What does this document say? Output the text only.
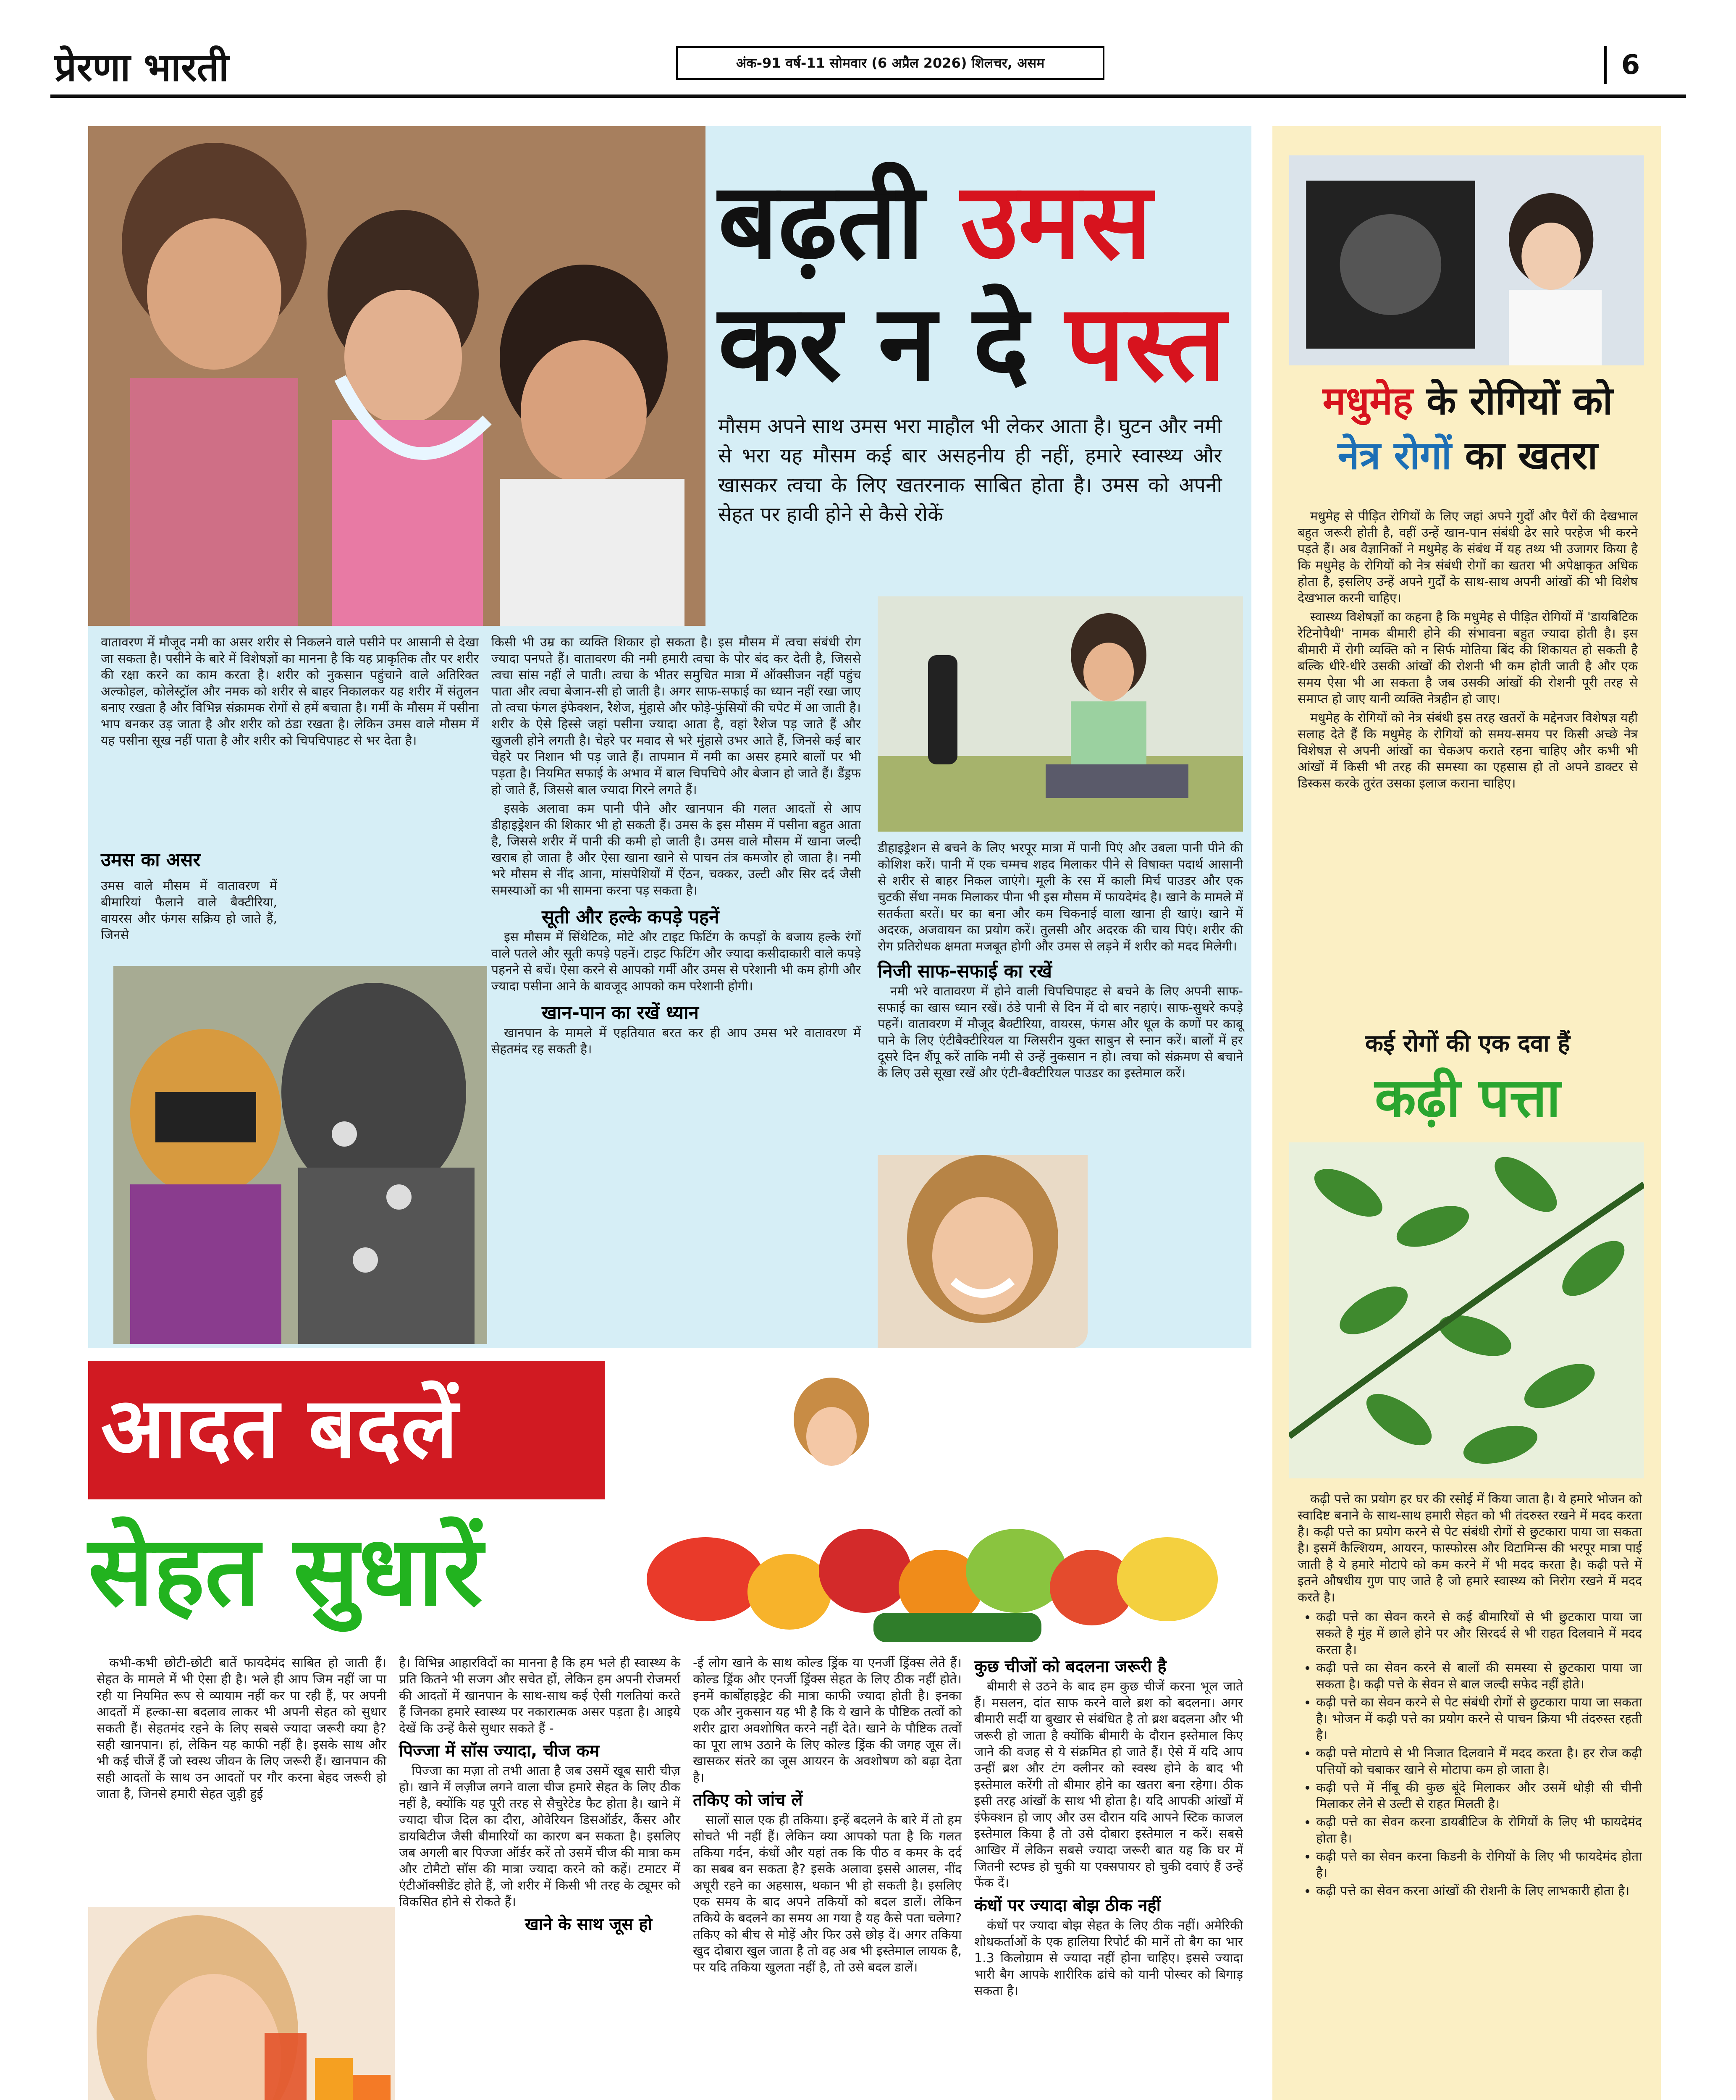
प्रेरणा भारती	अंक-91 वर्ष-11 सोमवार (6 अप्रैल 2026) शिलचर, असम	6
बढ़ती उमस
कर न दे पस्त
मौसम अपने साथ उमस भरा माहौल भी लेकर आता है। घुटन और नमी से भरा यह मौसम कई बार असहनीय ही नहीं, हमारे स्वास्थ्य और खासकर त्वचा के लिए खतरनाक साबित होता है। उमस को अपनी सेहत पर हावी होने से कैसे रोकें
वातावरण में मौजूद नमी का असर शरीर से निकलने वाले पसीने पर आसानी से देखा जा सकता है। पसीने के बारे में विशेषज्ञों का मानना है कि यह प्राकृतिक तौर पर शरीर की रक्षा करने का काम करता है। शरीर को नुकसान पहुंचाने वाले अतिरिक्त अल्कोहल, कोलेस्ट्रॉल और नमक को शरीर से बाहर निकालकर यह शरीर में संतुलन बनाए रखता है और विभिन्न संक्रामक रोगों से हमें बचाता है। गर्मी के मौसम में पसीना भाप बनकर उड़ जाता है और शरीर को ठंडा रखता है। लेकिन उमस वाले मौसम में यह पसीना सूख नहीं पाता है और शरीर को चिपचिपाहट से भर देता है।
उमस का असर
उमस वाले मौसम में वातावरण में बीमारियां फैलाने वाले बैक्टीरिया, वायरस और फंगस सक्रिय हो जाते हैं, जिनसे
किसी भी उम्र का व्यक्ति शिकार हो सकता है। इस मौसम में त्वचा संबंधी रोग ज्यादा पनपते हैं। वातावरण की नमी हमारी त्वचा के पोर बंद कर देती है, जिससे त्वचा सांस नहीं ले पाती। त्वचा के भीतर समुचित मात्रा में ऑक्सीजन नहीं पहुंच पाता और त्वचा बेजान-सी हो जाती है। अगर साफ-सफाई का ध्यान नहीं रखा जाए तो त्वचा फंगल इंफेक्शन, रैशेज, मुंहासे और फोड़े-फुंसियों की चपेट में आ जाती है। शरीर के ऐसे हिस्से जहां पसीना ज्यादा आता है, वहां रैशेज पड़ जाते हैं और खुजली होने लगती है। चेहरे पर मवाद से भरे मुंहासे उभर आते हैं, जिनसे कई बार चेहरे पर निशान भी पड़ जाते हैं। तापमान में नमी का असर हमारे बालों पर भी पड़ता है। नियमित सफाई के अभाव में बाल चिपचिपे और बेजान हो जाते हैं। डैंड्रफ हो जाते हैं, जिससे बाल ज्यादा गिरने लगते हैं।
इसके अलावा कम पानी पीने और खानपान की गलत आदतों से आप डीहाइड्रेशन की शिकार भी हो सकती हैं। उमस के इस मौसम में पसीना बहुत आता है, जिससे शरीर में पानी की कमी हो जाती है। उमस वाले मौसम में खाना जल्दी खराब हो जाता है और ऐसा खाना खाने से पाचन तंत्र कमजोर हो जाता है। नमी भरे मौसम से नींद आना, मांसपेशियों में ऐंठन, चक्कर, उल्टी और सिर दर्द जैसी समस्याओं का भी सामना करना पड़ सकता है।
सूती और हल्के कपड़े पहनें
इस मौसम में सिंथेटिक, मोटे और टाइट फिटिंग के कपड़ों के बजाय हल्के रंगों वाले पतले और सूती कपड़े पहनें। टाइट फिटिंग और ज्यादा कसीदाकारी वाले कपड़े पहनने से बचें। ऐसा करने से आपको गर्मी और उमस से परेशानी भी कम होगी और ज्यादा पसीना आने के बावजूद आपको कम परेशानी होगी।
खान-पान का रखें ध्यान
खानपान के मामले में एहतियात बरत कर ही आप उमस भरे वातावरण में सेहतमंद रह सकती है।
डीहाइड्रेशन से बचने के लिए भरपूर मात्रा में पानी पिएं और उबला पानी पीने की कोशिश करें। पानी में एक चम्मच शहद मिलाकर पीने से विषाक्त पदार्थ आसानी से शरीर से बाहर निकल जाएंगे। मूली के रस में काली मिर्च पाउडर और एक चुटकी सेंधा नमक मिलाकर पीना भी इस मौसम में फायदेमंद है। खाने के मामले में सतर्कता बरतें। घर का बना और कम चिकनाई वाला खाना ही खाएं। खाने में अदरक, अजवायन का प्रयोग करें। तुलसी और अदरक की चाय पिएं। शरीर की रोग प्रतिरोधक क्षमता मजबूत होगी और उमस से लड़ने में शरीर को मदद मिलेगी।
निजी साफ-सफाई का रखें
नमी भरे वातावरण में होने वाली चिपचिपाहट से बचने के लिए अपनी साफ-सफाई का खास ध्यान रखें। ठंडे पानी से दिन में दो बार नहाएं। साफ-सुथरे कपड़े पहनें। वातावरण में मौजूद बैक्टीरिया, वायरस, फंगस और धूल के कणों पर काबू पाने के लिए एंटीबैक्टीरियल या ग्लिसरीन युक्त साबुन से स्नान करें। बालों में हर दूसरे दिन शैंपू करें ताकि नमी से उन्हें नुकसान न हो। त्वचा को संक्रमण से बचाने के लिए उसे सूखा रखें और एंटी-बैक्टीरियल पाउडर का इस्तेमाल करें।
मधुमेह के रोगियों को
नेत्र रोगों का खतरा
मधुमेह से पीड़ित रोगियों के लिए जहां अपने गुर्दों और पैरों की देखभाल बहुत जरूरी होती है, वहीं उन्हें खान-पान संबंधी ढेर सारे परहेज भी करने पड़ते हैं। अब वैज्ञानिकों ने मधुमेह के संबंध में यह तथ्य भी उजागर किया है कि मधुमेह के रोगियों को नेत्र संबंधी रोगों का खतरा भी अपेक्षाकृत अधिक होता है, इसलिए उन्हें अपने गुर्दों के साथ-साथ अपनी आंखों की भी विशेष देखभाल करनी चाहिए।
स्वास्थ्य विशेषज्ञों का कहना है कि मधुमेह से पीड़ित रोगियों में 'डायबिटिक रेटिनोपैथी' नामक बीमारी होने की संभावना बहुत ज्यादा होती है। इस बीमारी में रोगी व्यक्ति को न सिर्फ मोतिया बिंद की शिकायत हो सकती है बल्कि धीरे-धीरे उसकी आंखों की रोशनी भी कम होती जाती है और एक समय ऐसा भी आ सकता है जब उसकी आंखों की रोशनी पूरी तरह से समाप्त हो जाए यानी व्यक्ति नेत्रहीन हो जाए।
मधुमेह के रोगियों को नेत्र संबंधी इस तरह खतरों के मद्देनजर विशेषज्ञ यही सलाह देते हैं कि मधुमेह के रोगियों को समय-समय पर किसी अच्छे नेत्र विशेषज्ञ से अपनी आंखों का चेकअप कराते रहना चाहिए और कभी भी आंखों में किसी भी तरह की समस्या का एहसास हो तो अपने डाक्टर से डिस्कस करके तुरंत उसका इलाज कराना चाहिए।
कई रोगों की एक दवा हैं
कढ़ी पत्ता
कढ़ी पत्ते का प्रयोग हर घर की रसोई में किया जाता है। ये हमारे भोजन को स्वादिष्ट बनाने के साथ-साथ हमारी सेहत को भी तंदरुस्त रखने में मदद करता है। कढ़ी पत्ते का प्रयोग करने से पेट संबंधी रोगों से छुटकारा पाया जा सकता है। इसमें कैल्शियम, आयरन, फास्फोरस और विटामिन्स की भरपूर मात्रा पाई जाती है ये हमारे मोटापे को कम करने में भी मदद करता है। कढ़ी पत्ते में इतने औषधीय गुण पाए जाते है जो हमारे स्वास्थ्य को निरोग रखने में मदद करते है।
• कढ़ी पत्ते का सेवन करने से कई बीमारियों से भी छुटकारा पाया जा सकते है मुंह में छाले होने पर और सिरदर्द से भी राहत दिलवाने में मदद करता है।
• कढ़ी पत्ते का सेवन करने से बालों की समस्या से छुटकारा पाया जा सकता है। कढ़ी पत्ते के सेवन से बाल जल्दी सफेद नहीं होते।
• कढ़ी पत्ते का सेवन करने से पेट संबंधी रोगों से छुटकारा पाया जा सकता है। भोजन में कढ़ी पत्ते का प्रयोग करने से पाचन क्रिया भी तंदरुस्त रहती है।
• कढ़ी पत्ते मोटापे से भी निजात दिलवाने में मदद करता है। हर रोज कढ़ी पत्तियों को चबाकर खाने से मोटापा कम हो जाता है।
• कढ़ी पत्ते में नींबू की कुछ बूंदे मिलाकर और उसमें थोड़ी सी चीनी मिलाकर लेने से उल्टी से राहत मिलती है।
• कढ़ी पत्ते का सेवन करना डायबीटिज के रोगियों के लिए भी फायदेमंद होता है।
• कढ़ी पत्ते का सेवन करना किडनी के रोगियों के लिए भी फायदेमंद होता है।
• कढ़ी पत्ते का सेवन करना आंखों की रोशनी के लिए लाभकारी होता है।
आदत बदलें
सेहत सुधारें
कभी-कभी छोटी-छोटी बातें फायदेमंद साबित हो जाती हैं। सेहत के मामले में भी ऐसा ही है। भले ही आप जिम नहीं जा पा रही या नियमित रूप से व्यायाम नहीं कर पा रही हैं, पर अपनी आदतों में हल्का-सा बदलाव लाकर भी अपनी सेहत को सुधार सकती हैं। सेहतमंद रहने के लिए सबसे ज्यादा जरूरी क्या है? सही खानपान। हां, लेकिन यह काफी नहीं है। इसके साथ और भी कई चीजें हैं जो स्वस्थ जीवन के लिए जरूरी हैं। खानपान की सही आदतों के साथ उन आदतों पर गौर करना बेहद जरूरी हो जाता है, जिनसे हमारी सेहत जुड़ी हुई
है। विभिन्न आहारविदों का मानना है कि हम भले ही स्वास्थ्य के प्रति कितने भी सजग और सचेत हों, लेकिन हम अपनी रोजमर्रा की आदतों में खानपान के साथ-साथ कई ऐसी गलतियां करते हैं जिनका हमारे स्वास्थ्य पर नकारात्मक असर पड़ता है। आइये देखें कि उन्हें कैसे सुधार सकते हैं -
पिज्जा में सॉस ज्यादा, चीज कम
पिज्जा का मज़ा तो तभी आता है जब उसमें खूब सारी चीज़ हो। खाने में लज़ीज लगने वाला चीज हमारे सेहत के लिए ठीक नहीं है, क्योंकि यह पूरी तरह से सैचुरेटेड फैट होता है। खाने में ज्यादा चीज दिल का दौरा, ओवेरियन डिसऑर्डर, कैंसर और डायबिटीज जैसी बीमारियों का कारण बन सकता है। इसलिए जब अगली बार पिज्जा ऑर्डर करें तो उसमें चीज की मात्रा कम और टोमैटो सॉस की मात्रा ज्यादा करने को कहें। टमाटर में एंटीऑक्सीडेंट होते हैं, जो शरीर में किसी भी तरह के ट्यूमर को विकसित होने से रोकते हैं।
खाने के साथ जूस हो
-ई लोग खाने के साथ कोल्ड ड्रिंक या एनर्जी ड्रिंक्स लेते हैं। कोल्ड ड्रिंक और एनर्जी ड्रिंक्स सेहत के लिए ठीक नहीं होते। इनमें कार्बोहाइड्रेट की मात्रा काफी ज्यादा होती है। इनका एक और नुकसान यह भी है कि ये खाने के पौष्टिक तत्वों को शरीर द्वारा अवशोषित करने नहीं देते। खाने के पौष्टिक तत्वों का पूरा लाभ उठाने के लिए कोल्ड ड्रिंक की जगह जूस लें। खासकर संतरे का जूस आयरन के अवशोषण को बढ़ा देता है।
तकिए को जांच लें
सालों साल एक ही तकिया। इन्हें बदलने के बारे में तो हम सोचते भी नहीं हैं। लेकिन क्या आपको पता है कि गलत तकिया गर्दन, कंधों और यहां तक कि पीठ व कमर के दर्द का सबब बन सकता है? इसके अलावा इससे आलस, नींद अधूरी रहने का अहसास, थकान भी हो सकती है। इसलिए एक समय के बाद अपने तकियों को बदल डालें। लेकिन तकिये के बदलने का समय आ गया है यह कैसे पता चलेगा? तकिए को बीच से मोड़ें और फिर उसे छोड़ दें। अगर तकिया खुद दोबारा खुल जाता है तो वह अब भी इस्तेमाल लायक है, पर यदि तकिया खुलता नहीं है, तो उसे बदल डालें।
कुछ चीजों को बदलना जरूरी है
बीमारी से उठने के बाद हम कुछ चीजें करना भूल जाते हैं। मसलन, दांत साफ करने वाले ब्रश को बदलना। अगर बीमारी सर्दी या बुखार से संबंधित है तो ब्रश बदलना और भी जरूरी हो जाता है क्योंकि बीमारी के दौरान इस्तेमाल किए जाने की वजह से ये संक्रमित हो जाते हैं। ऐसे में यदि आप उन्हीं ब्रश और टंग क्लीनर को स्वस्थ होने के बाद भी इस्तेमाल करेंगी तो बीमार होने का खतरा बना रहेगा। ठीक इसी तरह आंखों के साथ भी होता है। यदि आपकी आंखों में इंफेक्शन हो जाए और उस दौरान यदि आपने स्टिक काजल इस्तेमाल किया है तो उसे दोबारा इस्तेमाल न करें। सबसे आखिर में लेकिन सबसे ज्यादा जरूरी बात यह कि घर में जितनी स्टफ्ड हो चुकी या एक्सपायर हो चुकी दवाएं हैं उन्हें फेंक दें।
कंधों पर ज्यादा बोझ ठीक नहीं
कंधों पर ज्यादा बोझ सेहत के लिए ठीक नहीं। अमेरिकी शोधकर्ताओं के एक हालिया रिपोर्ट की मानें तो बैग का भार 1.3 किलोग्राम से ज्यादा नहीं होना चाहिए। इससे ज्यादा भारी बैग आपके शारीरिक ढांचे को यानी पोस्चर को बिगाड़ सकता है।
